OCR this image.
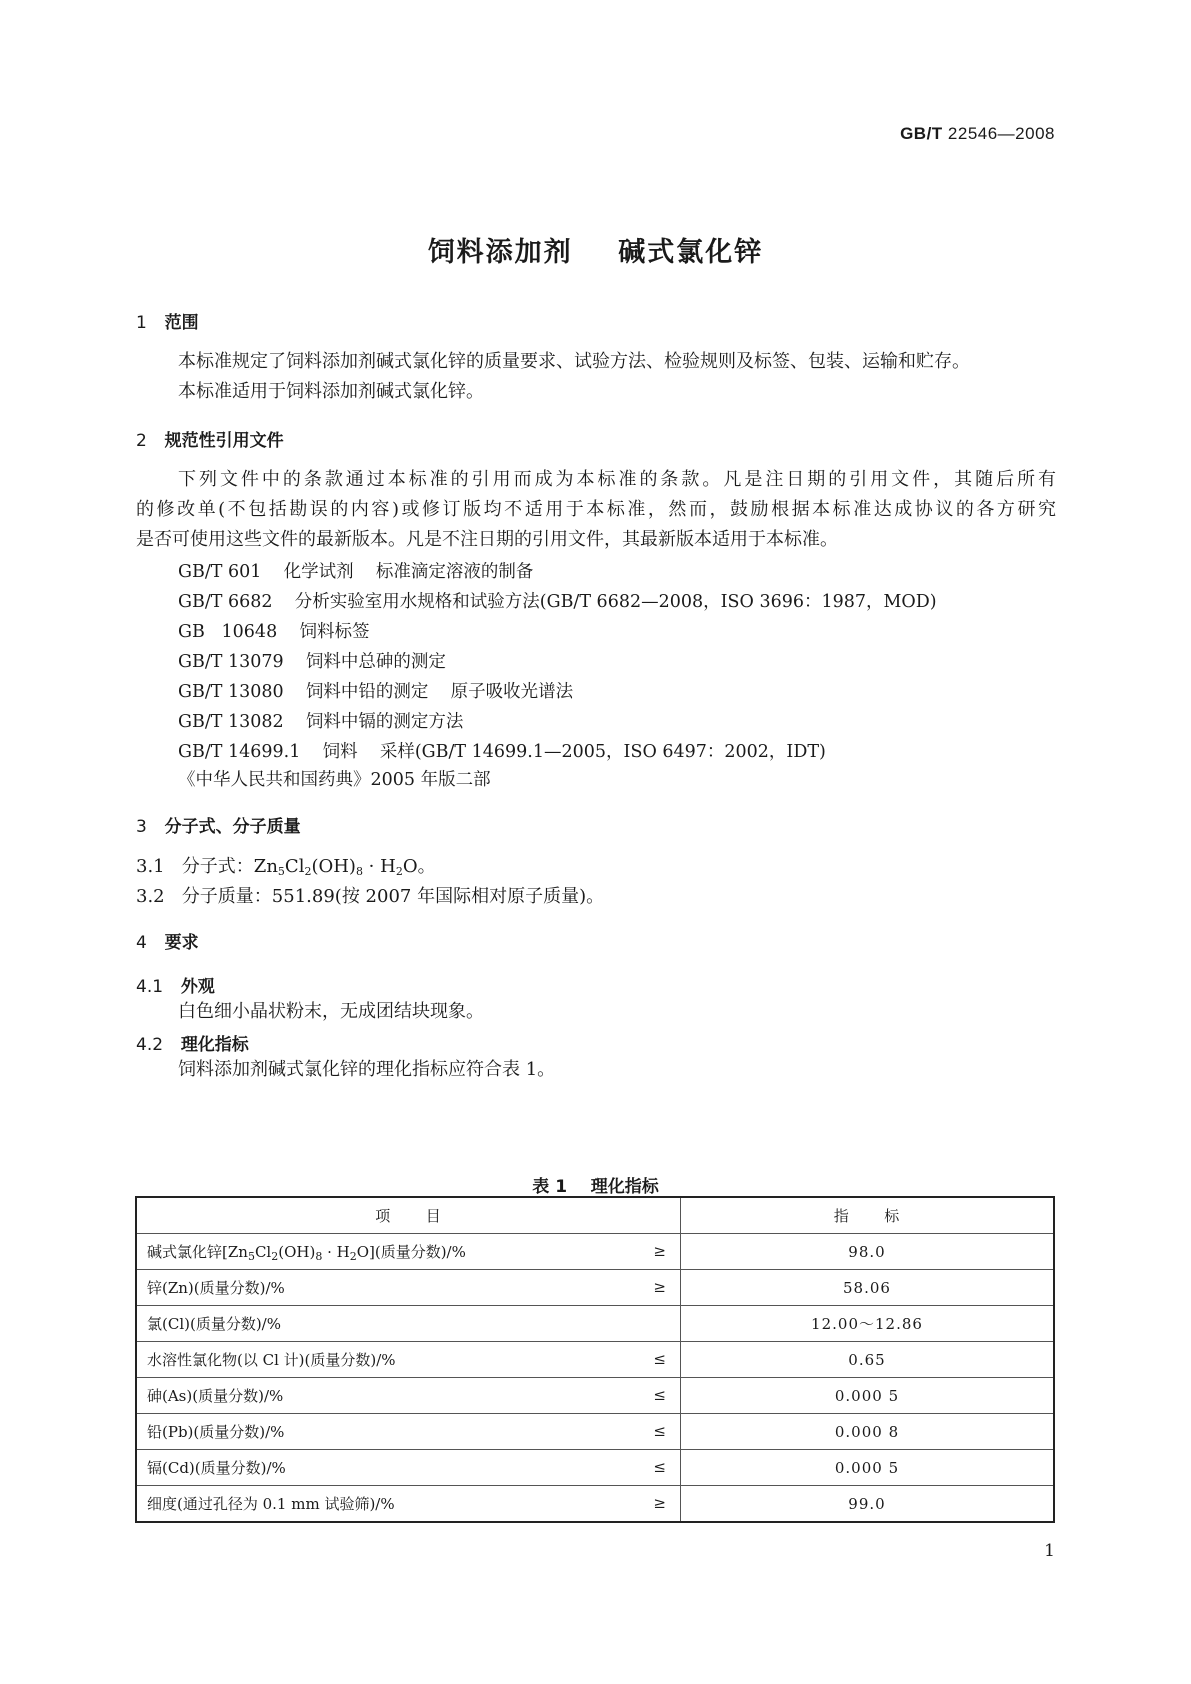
GB/T 22546—2008
饲料添加剂    碱式氯化锌
1 范围
本标准规定了饲料添加剂碱式氯化锌的质量要求、试验方法、检验规则及标签、包装、运输和贮存。
本标准适用于饲料添加剂碱式氯化锌。
2 规范性引用文件
下列文件中的条款通过本标准的引用而成为本标准的条款。凡是注日期的引用文件，其随后所有
的修改单(不包括勘误的内容)或修订版均不适用于本标准，然而，鼓励根据本标准达成协议的各方研究
是否可使用这些文件的最新版本。凡是不注日期的引用文件，其最新版本适用于本标准。
GB/T 601    化学试剂    标准滴定溶液的制备
GB/T 6682    分析实验室用水规格和试验方法(GB/T 6682—2008，ISO 3696：1987，MOD)
GB   10648    饲料标签
GB/T 13079    饲料中总砷的测定
GB/T 13080    饲料中铅的测定    原子吸收光谱法
GB/T 13082    饲料中镉的测定方法
GB/T 14699.1    饲料    采样(GB/T 14699.1—2005，ISO 6497：2002，IDT)
《中华人民共和国药典》2005 年版二部
3 分子式、分子质量
3.1 分子式：$Zn_5Cl_2(OH)_8 \cdot H_2O$。
3.2 分子质量：551.89(按 2007 年国际相对原子质量)。
4 要求
4.1 外观
白色细小晶状粉末，无成团结块现象。
4.2 理化指标
饲料添加剂碱式氯化锌的理化指标应符合表 1。
表 1    理化指标
项      目	指      标
碱式氯化锌$[Zn_5Cl_2(OH)_8 \cdot H_2O]$(质量分数)/% ≥	98.0
锌(Zn)(质量分数)/% ≥	58.06
氯(Cl)(质量分数)/%	12.00～12.86
水溶性氯化物(以 Cl 计)(质量分数)/% ≤	0.65
砷(As)(质量分数)/% ≤	0.000 5
铅(Pb)(质量分数)/% ≤	0.000 8
镉(Cd)(质量分数)/% ≤	0.000 5
细度(通过孔径为 0.1 mm 试验筛)/% ≥	99.0
1
